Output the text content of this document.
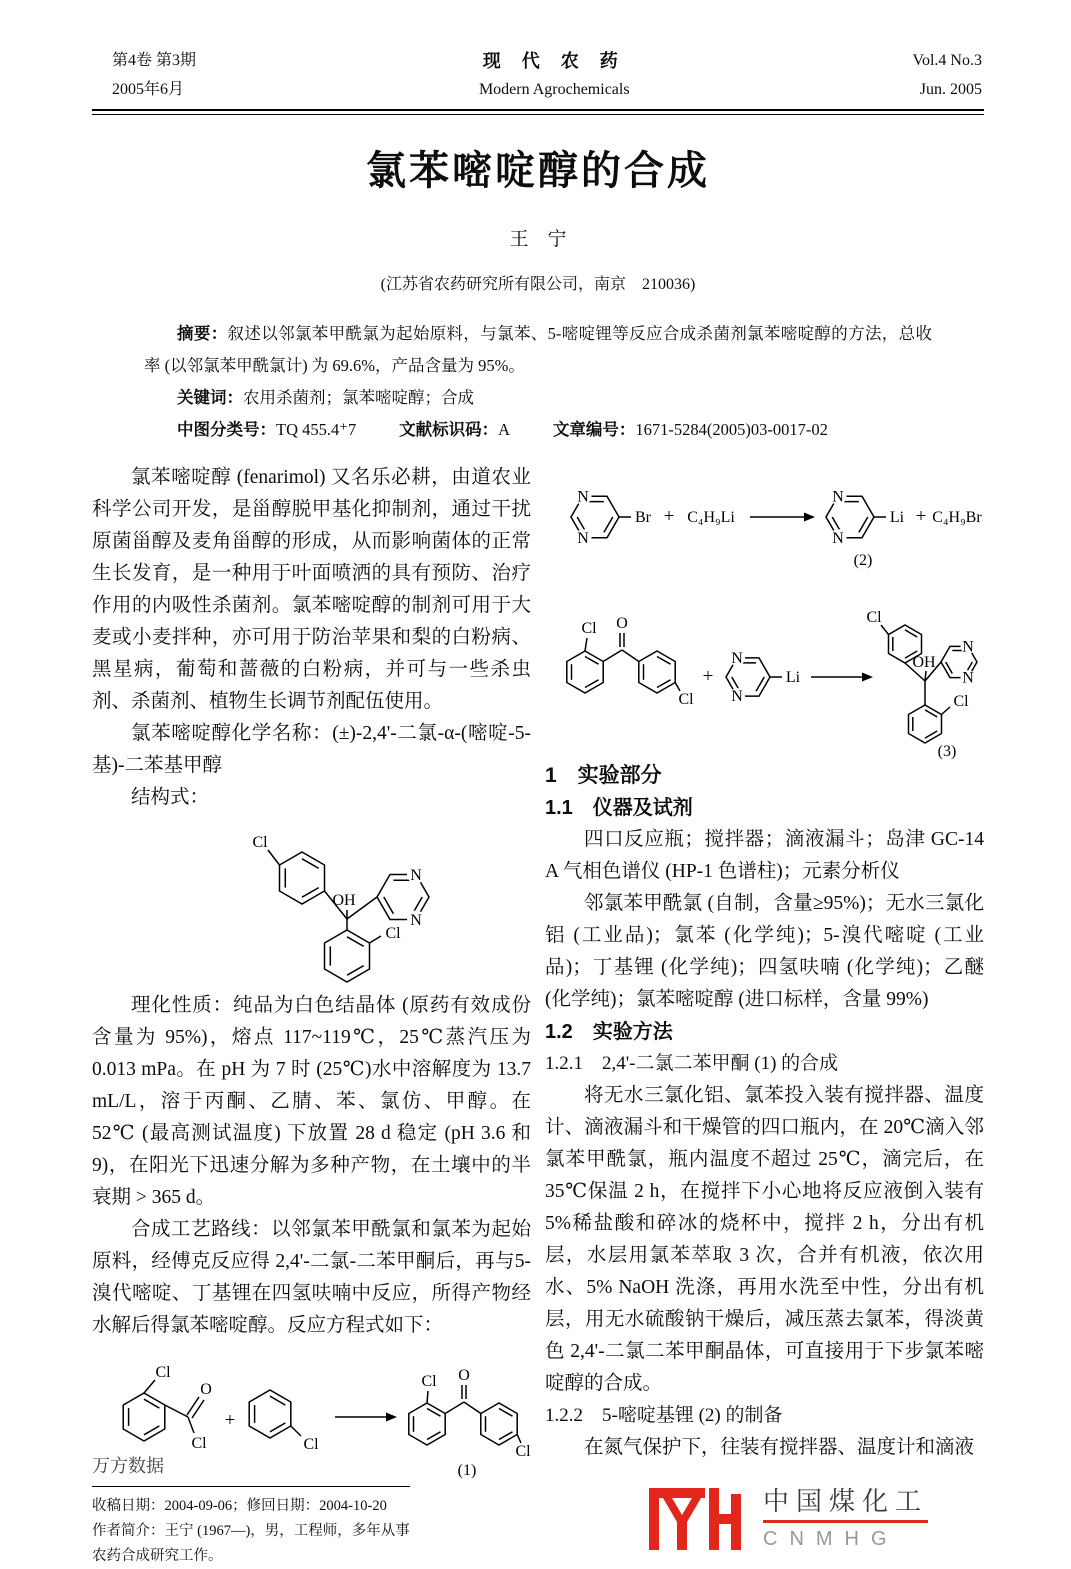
第4卷 第3期
2005年6月
现 代 农 药
Modern Agrochemicals
Vol.4 No.3
Jun. 2005
氯苯嘧啶醇的合成
王　宁
(江苏省农药研究所有限公司，南京　210036)

摘要：叙述以邻氯苯甲酰氯为起始原料，与氯苯、5-嘧啶锂等反应合成杀菌剂氯苯嘧啶醇的方法，总收率 (以邻氯苯甲酰氯计) 为 69.6%，产品含量为 95%。

关键词：农用杀菌剂；氯苯嘧啶醇；合成

中图分类号：TQ 455.4⁺7	文献标识码：A	文章编号：1671-5284(2005)03-0017-02

氯苯嘧啶醇 (fenarimol) 又名乐必耕，由道农业科学公司开发，是甾醇脱甲基化抑制剂，通过干扰原菌甾醇及麦角甾醇的形成，从而影响菌体的正常生长发育，是一种用于叶面喷洒的具有预防、治疗作用的内吸性杀菌剂。氯苯嘧啶醇的制剂可用于大麦或小麦拌种，亦可用于防治苹果和梨的白粉病、黑星病，葡萄和蔷薇的白粉病，并可与一些杀虫剂、杀菌剂、植物生长调节剂配伍使用。

氯苯嘧啶醇化学名称：(±)-2,4'-二氯-α-(嘧啶-5-基)-二苯基甲醇

结构式：

Cl
OH
N
N
Cl

理化性质：纯品为白色结晶体 (原药有效成份含量为 95%)，熔点 117~119℃，25℃蒸汽压为 0.013 mPa。在 pH 为 7 时 (25℃)水中溶解度为 13.7 mL/L，溶于丙酮、乙腈、苯、氯仿、甲醇。在 52℃ (最高测试温度) 下放置 28 d 稳定 (pH 3.6 和 9)，在阳光下迅速分解为多种产物，在土壤中的半衰期 > 365 d。

合成工艺路线：以邻氯苯甲酰氯和氯苯为起始原料，经傅克反应得 2,4'-二氯-二苯甲酮后，再与5-溴代嘧啶、丁基锂在四氢呋喃中反应，所得产物经水解后得氯苯嘧啶醇。反应方程式如下：

Cl
O
Cl
+
Cl
Cl O
Cl
(1)
收稿日期：2004-09-06；修回日期：2004-10-20
作者简介：王宁 (1967—)，男，工程师，多年从事农药合成研究工作。
N
N
Br + C₄H₉Li
N
N
Li + C₄H₉Br
(2)
Cl O
Cl
+
N
N
Li
Cl
OH
N
N
Cl
(3)

1　实验部分

1.1　仪器及试剂

四口反应瓶；搅拌器；滴液漏斗；岛津 GC-14 A 气相色谱仪 (HP-1 色谱柱)；元素分析仪

邻氯苯甲酰氯 (自制，含量≥95%)；无水三氯化铝 (工业品)；氯苯 (化学纯)；5-溴代嘧啶 (工业品)；丁基锂 (化学纯)；四氢呋喃 (化学纯)；乙醚 (化学纯)；氯苯嘧啶醇 (进口标样，含量 99%)

1.2　实验方法

1.2.1　2,4'-二氯二苯甲酮 (1) 的合成

将无水三氯化铝、氯苯投入装有搅拌器、温度计、滴液漏斗和干燥管的四口瓶内，在 20℃滴入邻氯苯甲酰氯，瓶内温度不超过 25℃，滴完后，在 35℃保温 2 h，在搅拌下小心地将反应液倒入装有 5%稀盐酸和碎冰的烧杯中，搅拌 2 h，分出有机层，水层用氯苯萃取 3 次，合并有机液，依次用水、5% NaOH 洗涤，再用水洗至中性，分出有机层，用无水硫酸钠干燥后，减压蒸去氯苯，得淡黄色 2,4'-二氯二苯甲酮晶体，可直接用于下步氯苯嘧啶醇的合成。

1.2.2　5-嘧啶基锂 (2) 的制备

在氮气保护下，往装有搅拌器、温度计和滴液

中国煤化工
CNMHG
万方数据
